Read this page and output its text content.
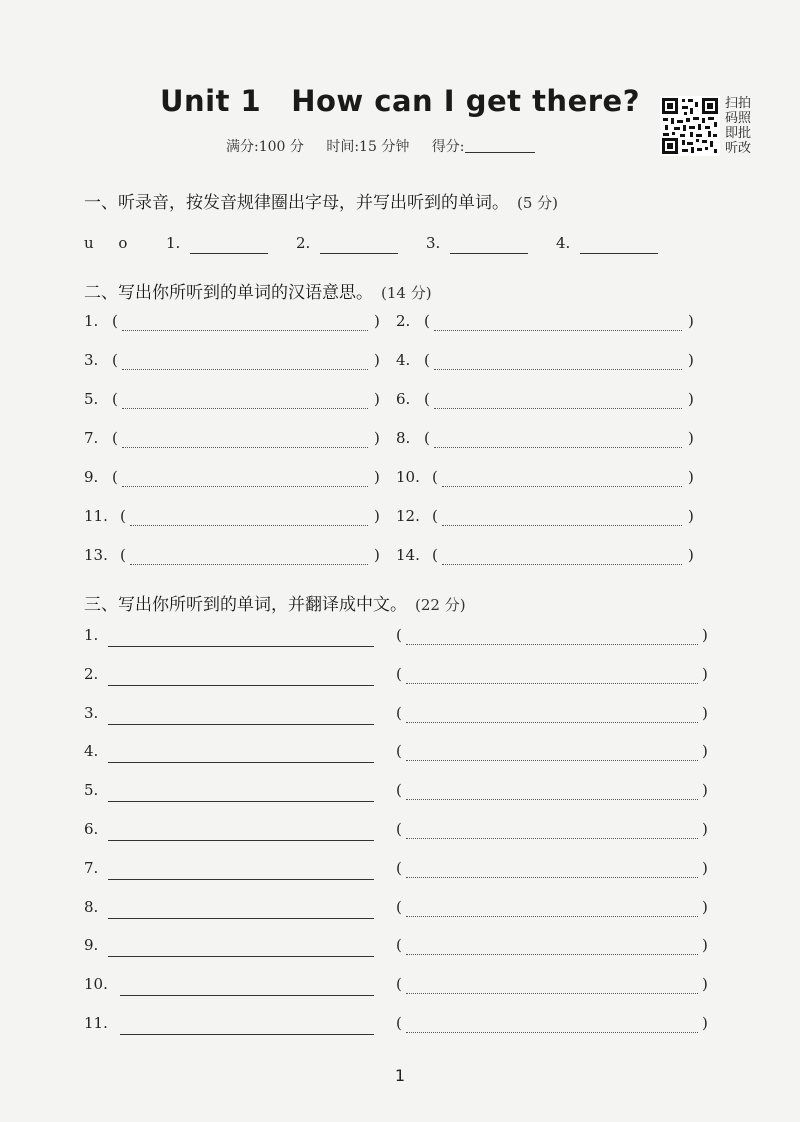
Unit 1 How can I get there?
满分:100 分 时间:15 分钟 得分:
扫拍
码照
即批
听改
一、听录音，按发音规律圈出字母，并写出听到的单词。 (5 分)
u o 1.	2.	3.	4.
二、写出你所听到的单词的汉语意思。 (14 分)
1. (	) 2. (	)
3. (	) 4. (	)
5. (	) 6. (	)
7. (	) 8. (	)
9. (	) 10. (	)
11. (	) 12. (	)
13. (	) 14. (	)
三、写出你所听到的单词，并翻译成中文。 (22 分)
1.	(	)
2.	(	)
3.	(	)
4.	(	)
5.	(	)
6.	(	)
7.	(	)
8.	(	)
9.	(	)
10.	(	)
11.	(	)
1
